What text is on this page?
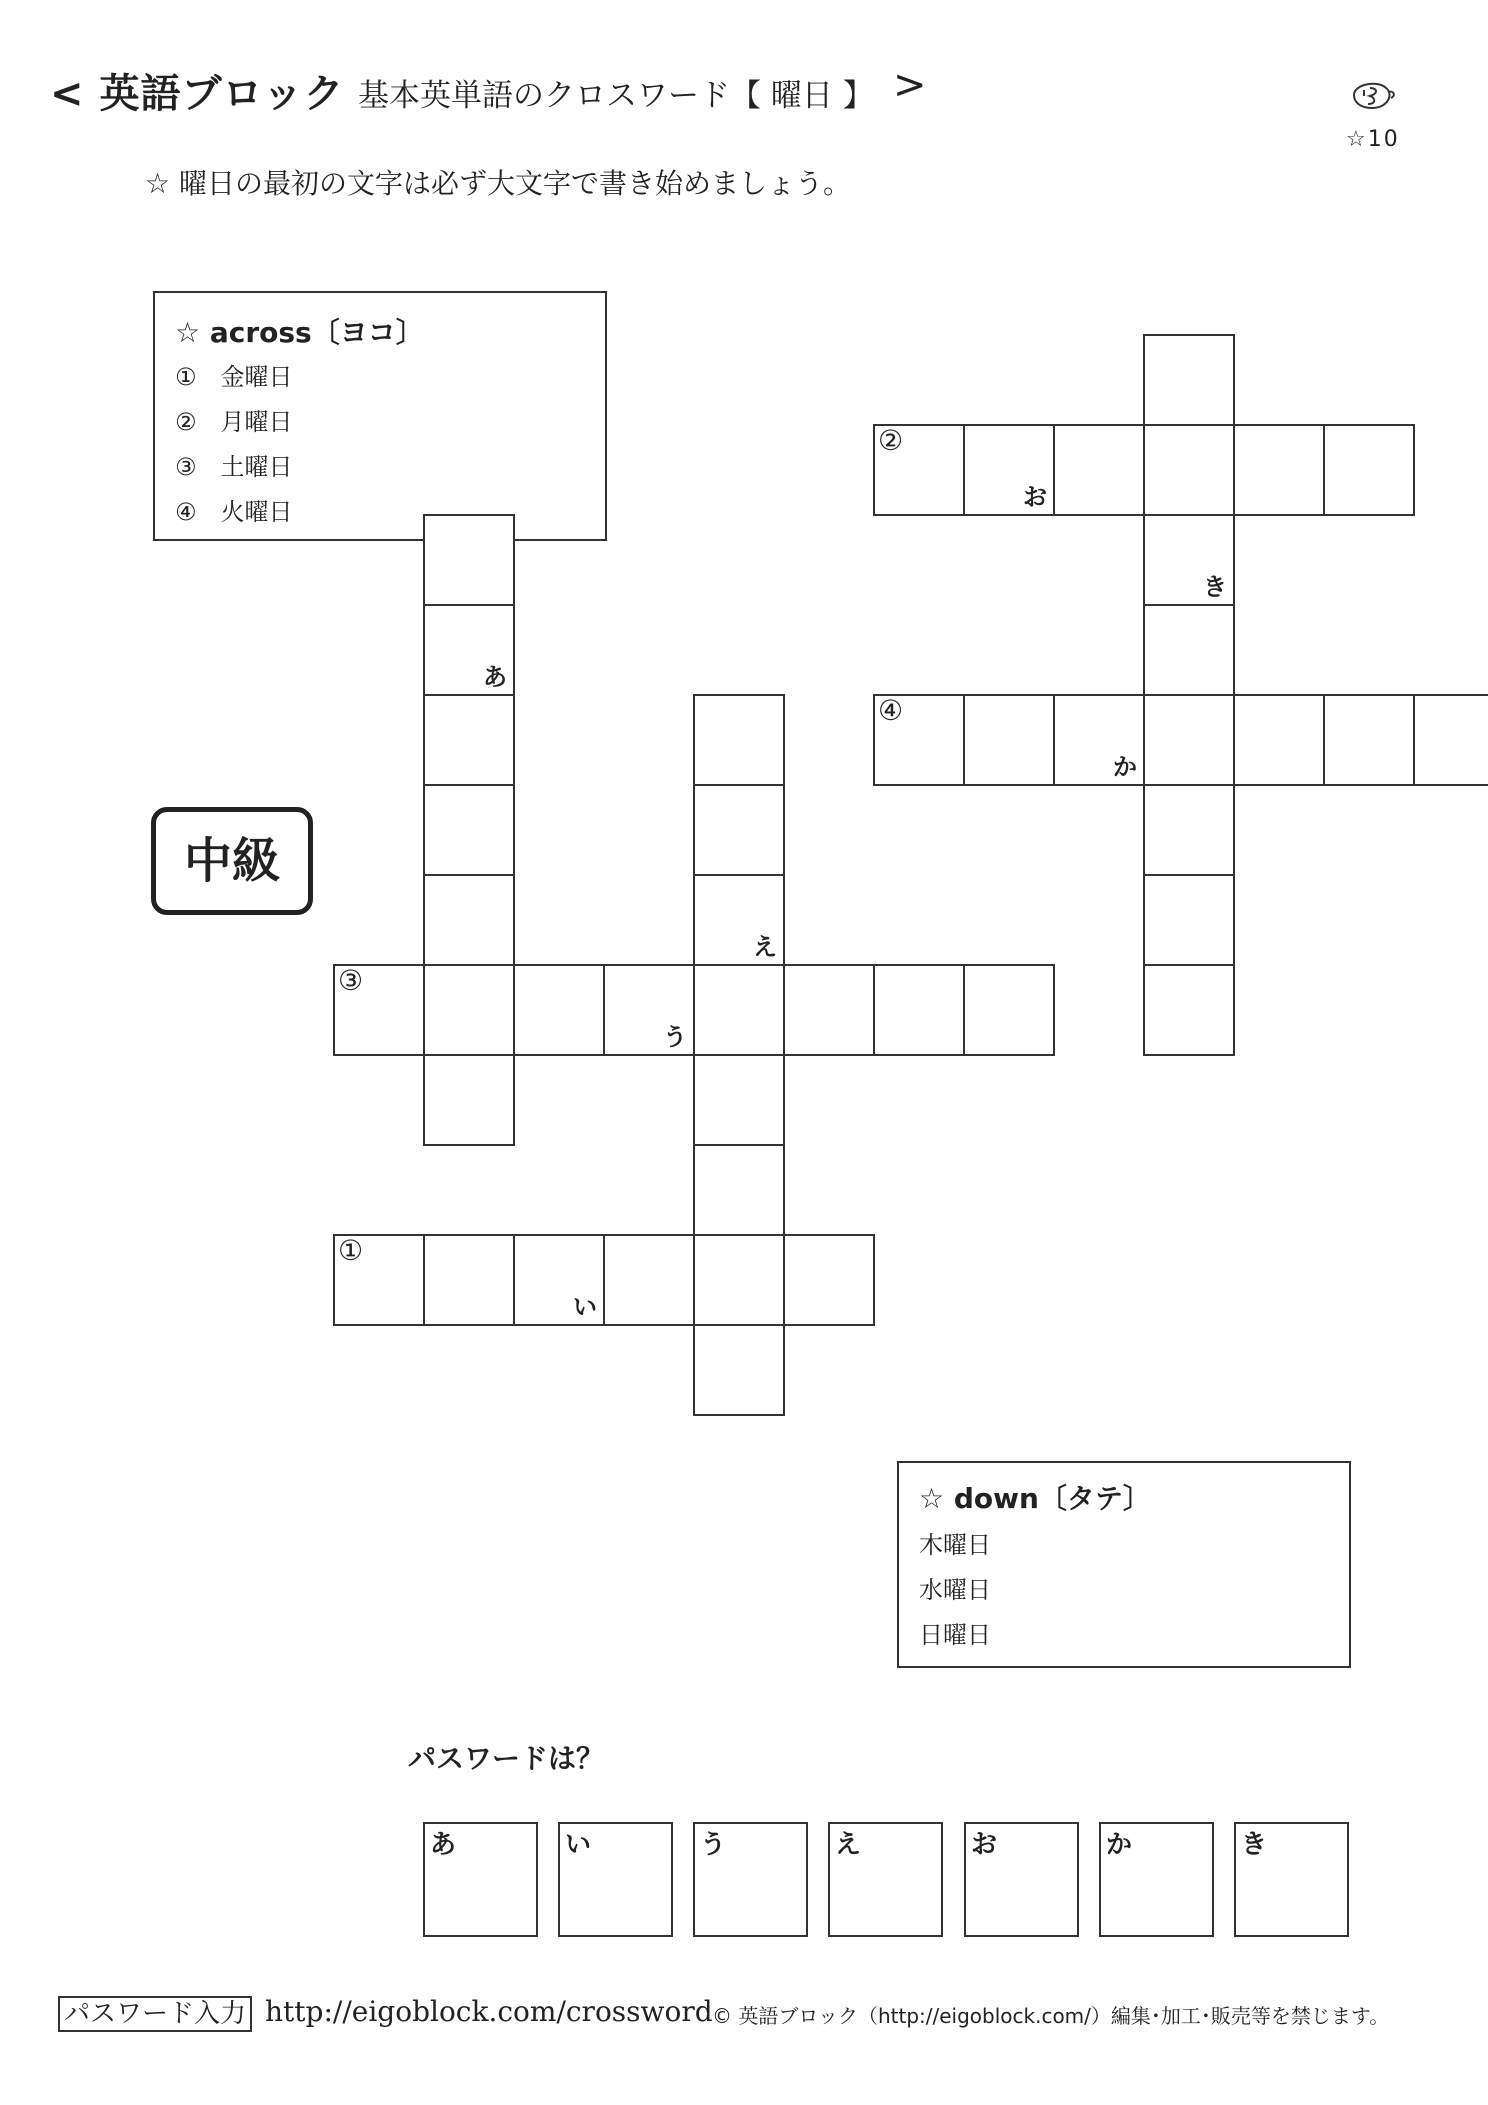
< 英語ブロック 基本英単語のクロスワード【 曜日 】 >
☆10
☆ 曜日の最初の文字は必ず大文字で書き始めましょう。
☆ across〔ヨコ〕
①　金曜日
②　月曜日
③　土曜日
④　火曜日
中級
②
お
④
か
③
う
①
い
き
あ
え
☆ down〔タテ〕
木曜日
水曜日
日曜日
パスワードは？
あ	い	う	え	お	か	き
パスワード入力 http://eigoblock.com/crossword © 英語ブロック（http://eigoblock.com/）編集･加工･販売等を禁じます。
